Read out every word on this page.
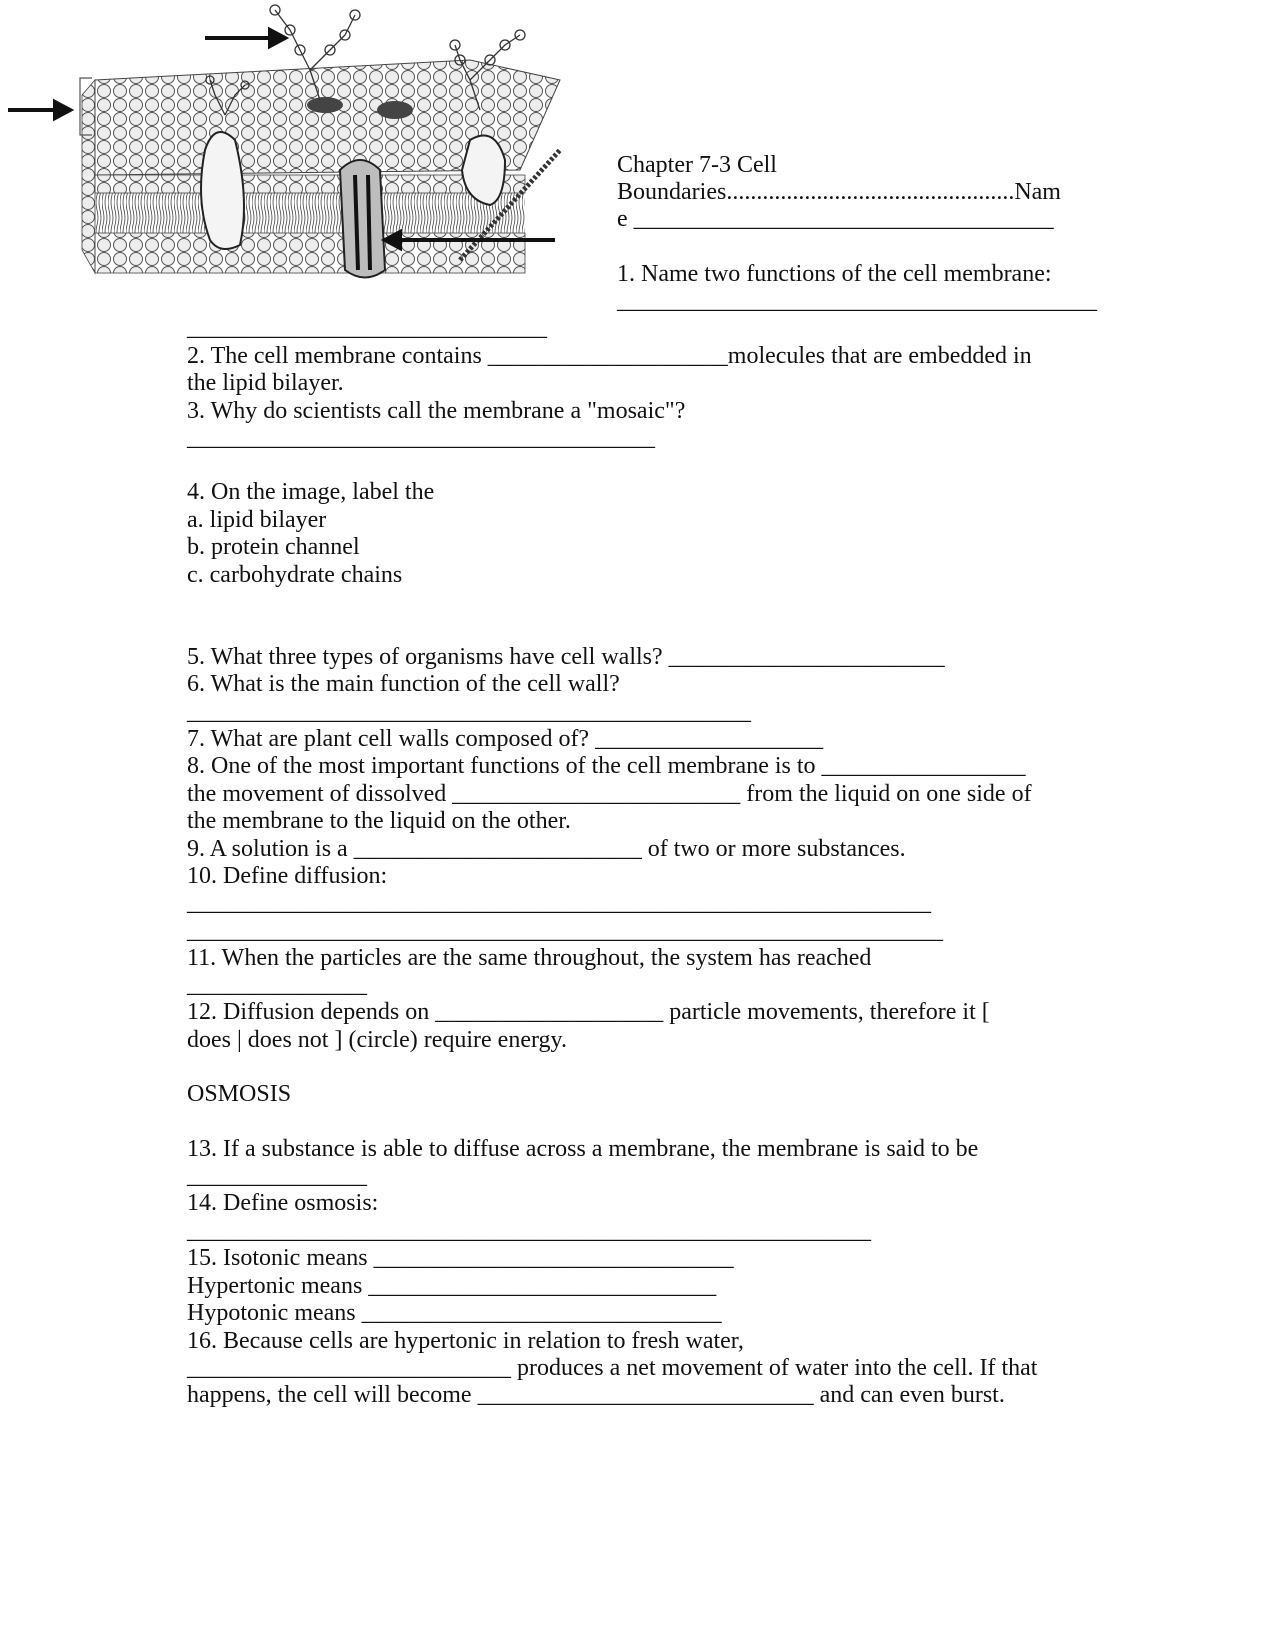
Chapter 7-3 Cell
Boundaries................................................Nam
e ___________________________________
1. Name two functions of the cell membrane:
________________________________________
______________________________
2. The cell membrane contains ____________________molecules that are embedded in
the lipid bilayer.
3. Why do scientists call the membrane a "mosaic"?
_______________________________________
4. On the image, label the
a. lipid bilayer
b. protein channel
c. carbohydrate chains
5. What three types of organisms have cell walls? _______________________
6. What is the main function of the cell wall?
_______________________________________________
7. What are plant cell walls composed of? ___________________
8. One of the most important functions of the cell membrane is to _________________
the movement of dissolved ________________________ from the liquid on one side of
the membrane to the liquid on the other.
9. A solution is a ________________________ of two or more substances.
10. Define diffusion:
______________________________________________________________
_______________________________________________________________
11. When the particles are the same throughout, the system has reached
_______________
12. Diffusion depends on ___________________ particle movements, therefore it [
does | does not ] (circle) require energy.
OSMOSIS
13. If a substance is able to diffuse across a membrane, the membrane is said to be
_______________
14. Define osmosis:
_________________________________________________________
15. Isotonic means ______________________________
Hypertonic means _____________________________
Hypotonic means ______________________________
16. Because cells are hypertonic in relation to fresh water,
___________________________ produces a net movement of water into the cell. If that
happens, the cell will become ____________________________ and can even burst.
